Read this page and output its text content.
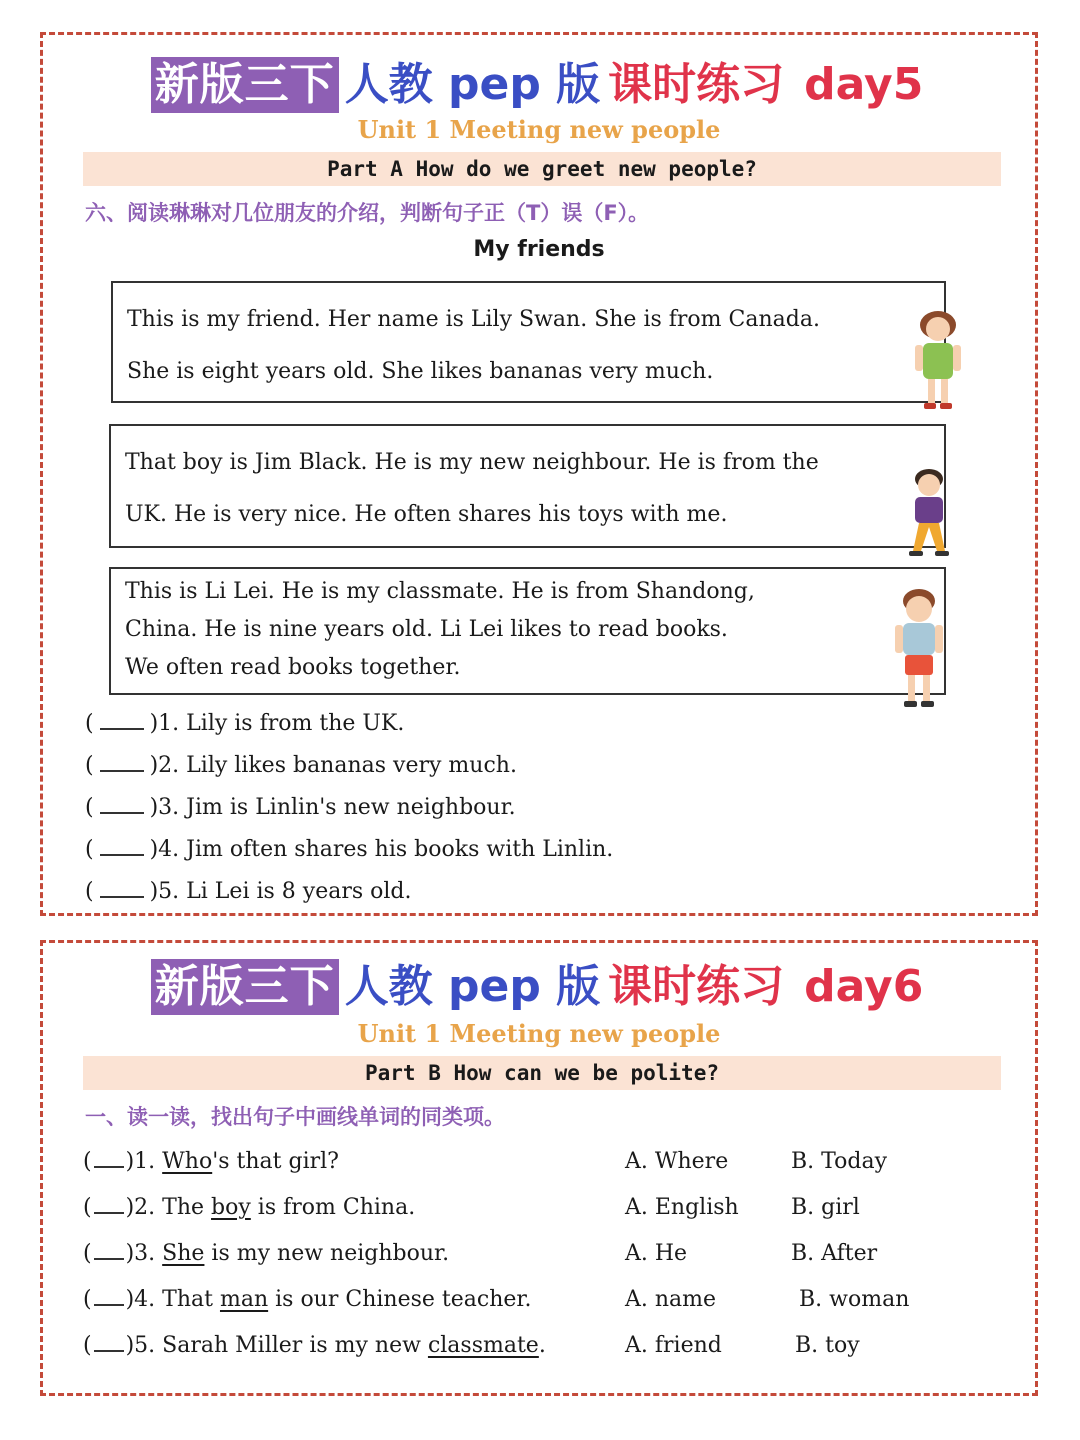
新版三下 人教 pep 版 课时练习 day5
Unit 1 Meeting new people
Part A How do we greet new people?
六、阅读琳琳对几位朋友的介绍，判断句子正（T）误（F）。
My friends

This is my friend. Her name is Lily Swan. She is from Canada.

She is eight years old. She likes bananas very much.

That boy is Jim Black. He is my new neighbour. He is from the

UK. He is very nice. He often shares his toys with me.

This is Li Lei. He is my classmate. He is from Shandong,

China. He is nine years old. Li Lei likes to read books.

We often read books together.

(	)1. Lily is from the UK.
(	)2. Lily likes bananas very much.
(	)3. Jim is Linlin's new neighbour.
(	)4. Jim often shares his books with Linlin.
(	)5. Li Lei is 8 years old.
新版三下 人教 pep 版 课时练习 day6
Unit 1 Meeting new people
Part B How can we be polite?
一、读一读，找出句子中画线单词的同类项。
( )1. Who's that girl?	A. Where	B. Today
( )2. The boy is from China.	A. English B. girl
( )3. She is my new neighbour.	A. He	B. After
( )4. That man is our Chinese teacher.	A. name	B. woman
( )5. Sarah Miller is my new classmate.	A. friend	B. toy
